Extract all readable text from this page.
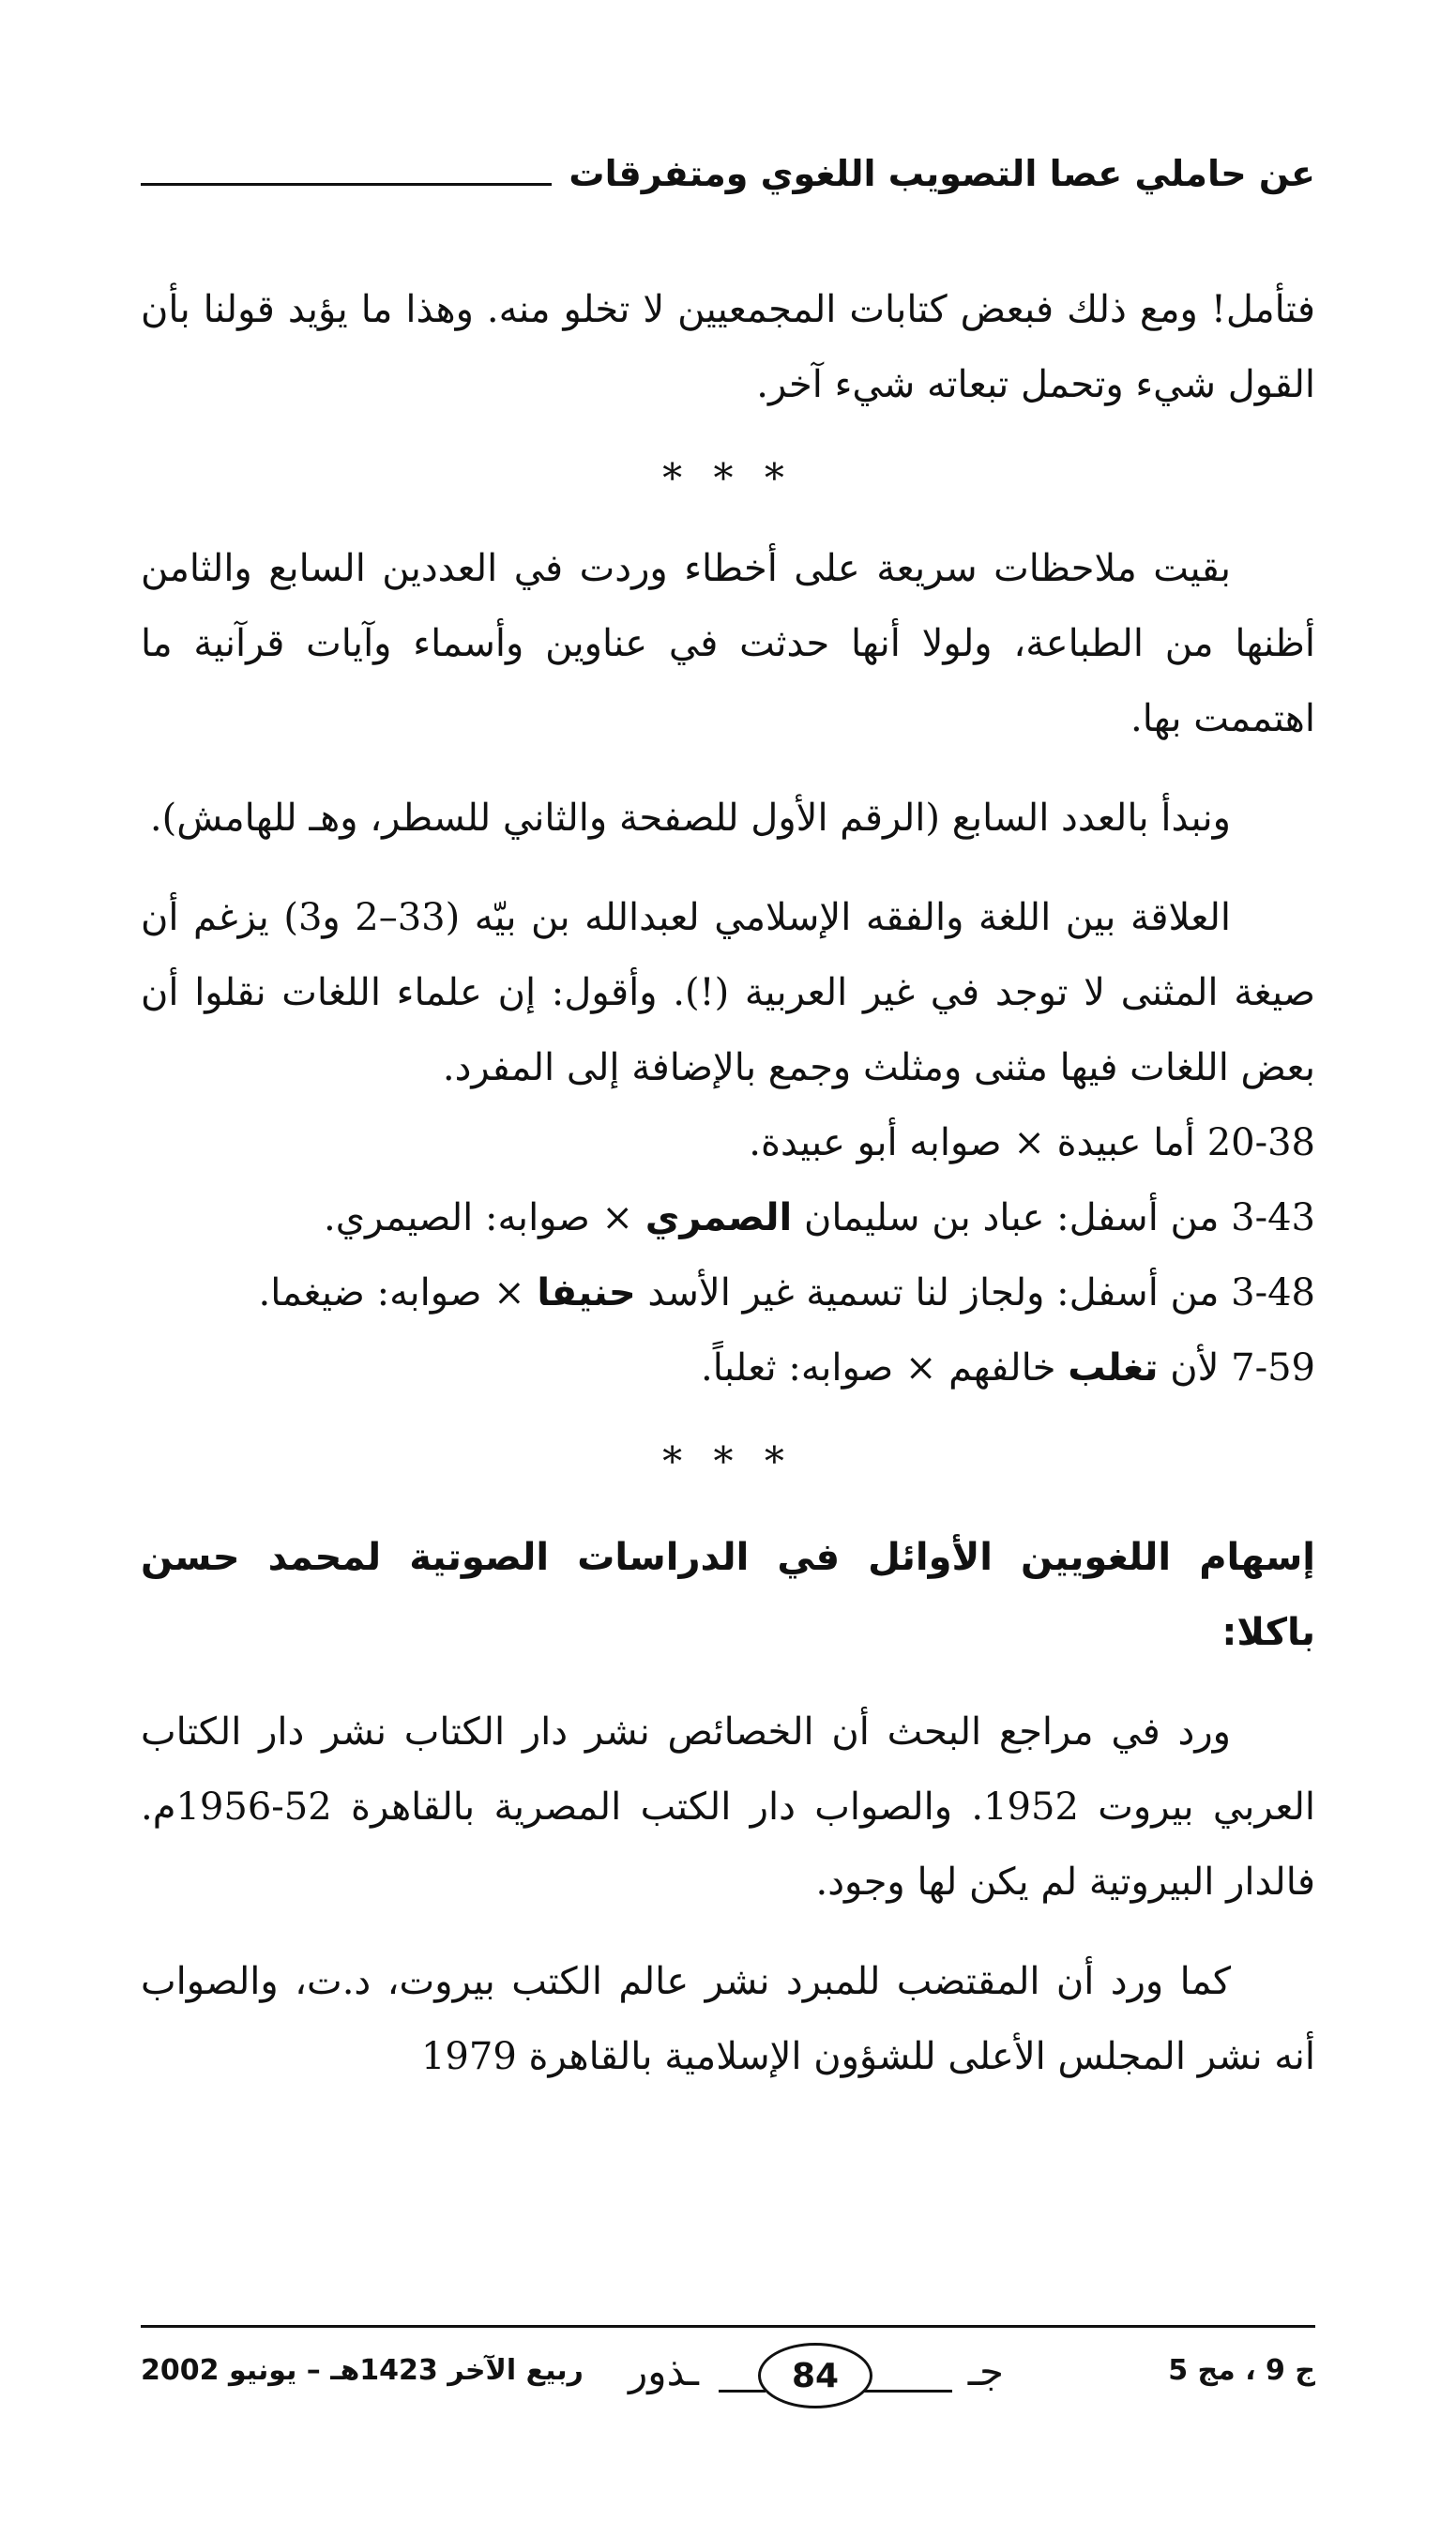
عن حاملي عصا التصويب اللغوي ومتفرقات

فتأمل! ومع ذلك فبعض كتابات المجمعيين لا تخلو منه. وهذا ما يؤيد قولنا بأن القول شيء وتحمل تبعاته شيء آخر.

* * *

بقيت ملاحظات سريعة على أخطاء وردت في العددين السابع والثامن أظنها من الطباعة، ولولا أنها حدثت في عناوين وأسماء وآيات قرآنية ما اهتممت بها.

ونبدأ بالعدد السابع (الرقم الأول للصفحة والثاني للسطر، وهـ للهامش).

العلاقة بين اللغة والفقه الإسلامي لعبدالله بن بيّه (33–2 و3) يزغم أن صيغة المثنى لا توجد في غير العربية (!). وأقول: إن علماء اللغات نقلوا أن بعض اللغات فيها مثنى ومثلث وجمع بالإضافة إلى المفرد.

20-38 أما عبيدة × صوابه أبو عبيدة.

3-43 من أسفل: عباد بن سليمان الصمري × صوابه: الصيمري.

3-48 من أسفل: ولجاز لنا تسمية غير الأسد حنيفا × صوابه: ضيغما.

7-59 لأن تغلب خالفهم × صوابه: ثعلباً.

* * *

إسهام اللغويين الأوائل في الدراسات الصوتية لمحمد حسن باكلا:

ورد في مراجع البحث أن الخصائص نشر دار الكتاب نشر دار الكتاب العربي بيروت 1952. والصواب دار الكتب المصرية بالقاهرة 52-1956م. فالدار البيروتية لم يكن لها وجود.

كما ورد أن المقتضب للمبرد نشر عالم الكتب بيروت، د.ت، والصواب أنه نشر المجلس الأعلى للشؤون الإسلامية بالقاهرة 1979

ج 9 ، مج 5
ـذور	84	جـ
ربيع الآخر 1423هـ – يونيو 2002
